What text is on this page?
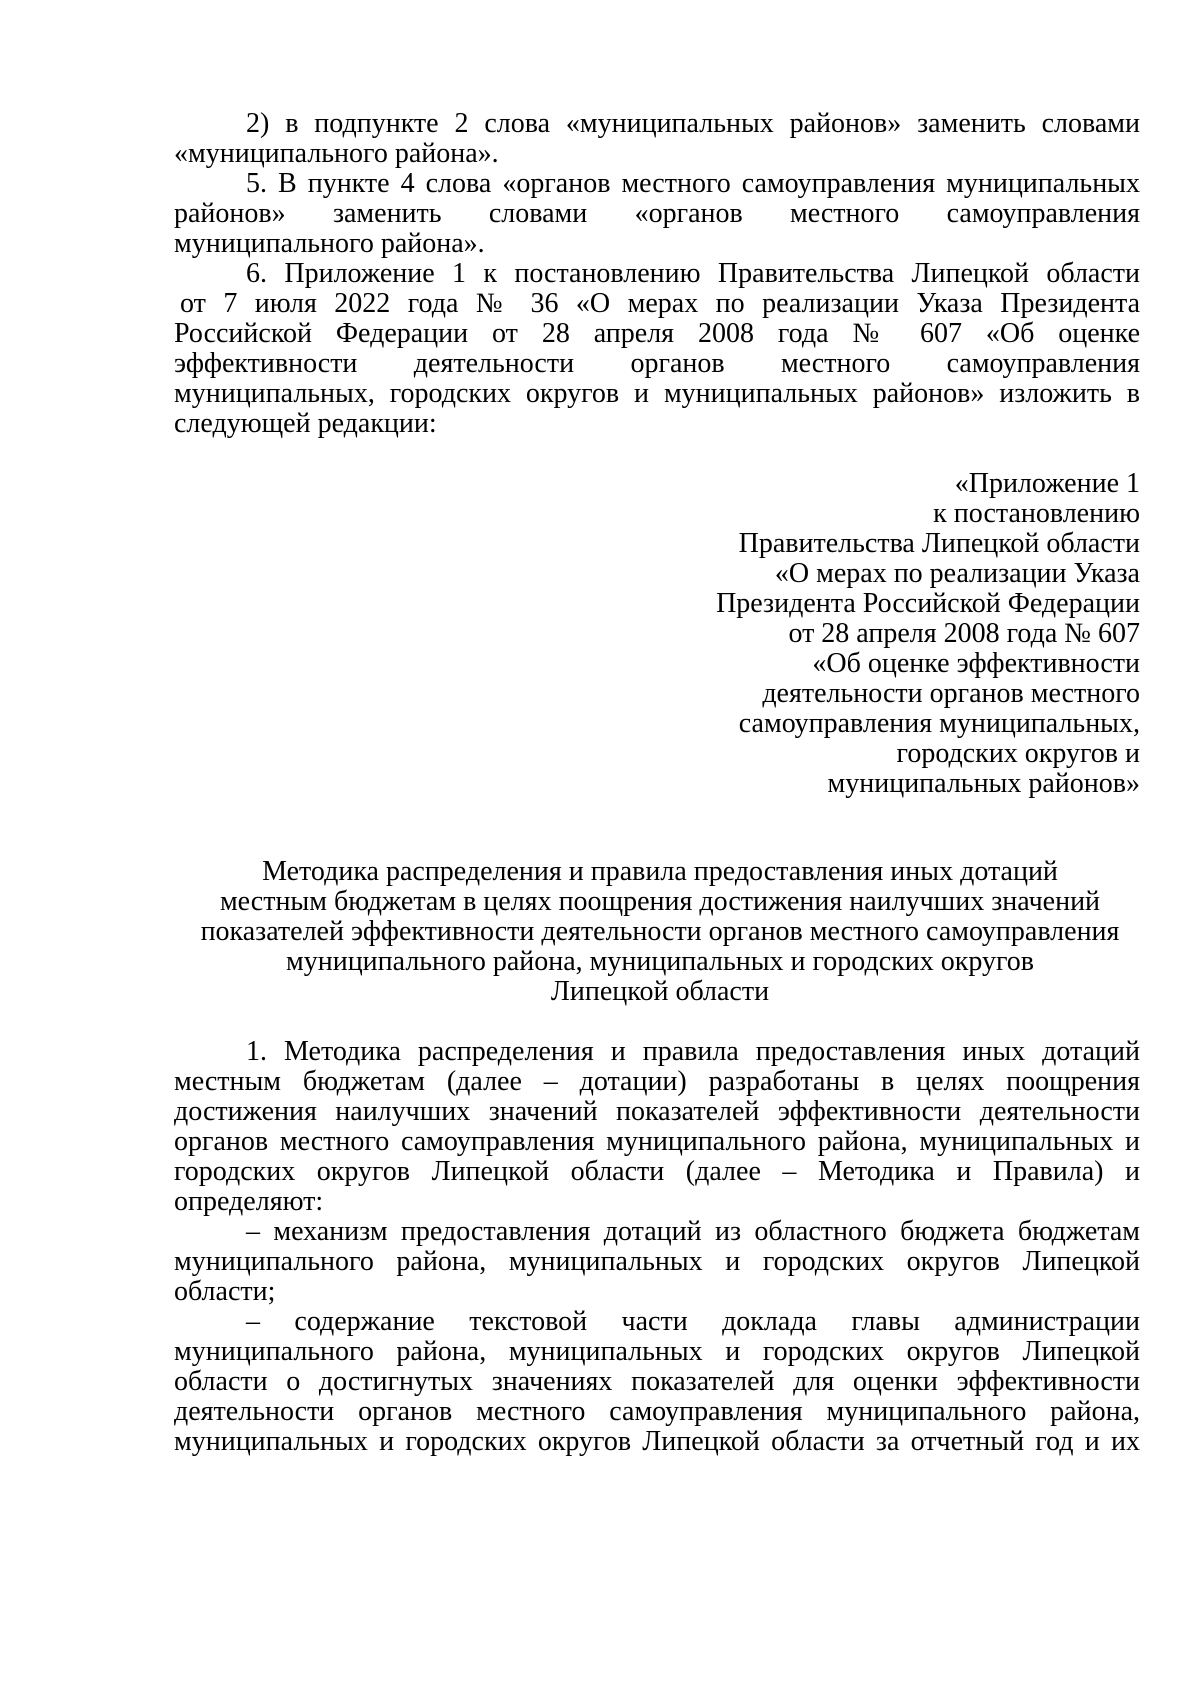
2) в подпункте 2 слова «муниципальных районов» заменить словами
«муниципального района».
5. В пункте 4 слова «органов местного самоуправления муниципальных
районов» заменить словами «органов местного самоуправления
муниципального района».
6. Приложение 1 к постановлению Правительства Липецкой области
от 7 июля 2022 года № 36 «О мерах по реализации Указа Президента
Российской Федерации от 28 апреля 2008 года № 607 «Об оценке
эффективности деятельности органов местного самоуправления
муниципальных, городских округов и муниципальных районов» изложить в
следующей редакции:
«Приложение 1
к постановлению
Правительства Липецкой области
«О мерах по реализации Указа
Президента Российской Федерации
от 28 апреля 2008 года № 607
«Об оценке эффективности
деятельности органов местного
самоуправления муниципальных,
городских округов и
муниципальных районов»
Методика распределения и правила предоставления иных дотаций
местным бюджетам в целях поощрения достижения наилучших значений
показателей эффективности деятельности органов местного самоуправления
муниципального района, муниципальных и городских округов
Липецкой области
1. Методика распределения и правила предоставления иных дотаций
местным бюджетам (далее – дотации) разработаны в целях поощрения
достижения наилучших значений показателей эффективности деятельности
органов местного самоуправления муниципального района, муниципальных и
городских округов Липецкой области (далее – Методика и Правила) и
определяют:
– механизм предоставления дотаций из областного бюджета бюджетам
муниципального района, муниципальных и городских округов Липецкой
области;
– содержание текстовой части доклада главы администрации
муниципального района, муниципальных и городских округов Липецкой
области о достигнутых значениях показателей для оценки эффективности
деятельности органов местного самоуправления муниципального района,
муниципальных и городских округов Липецкой области за отчетный год и их
